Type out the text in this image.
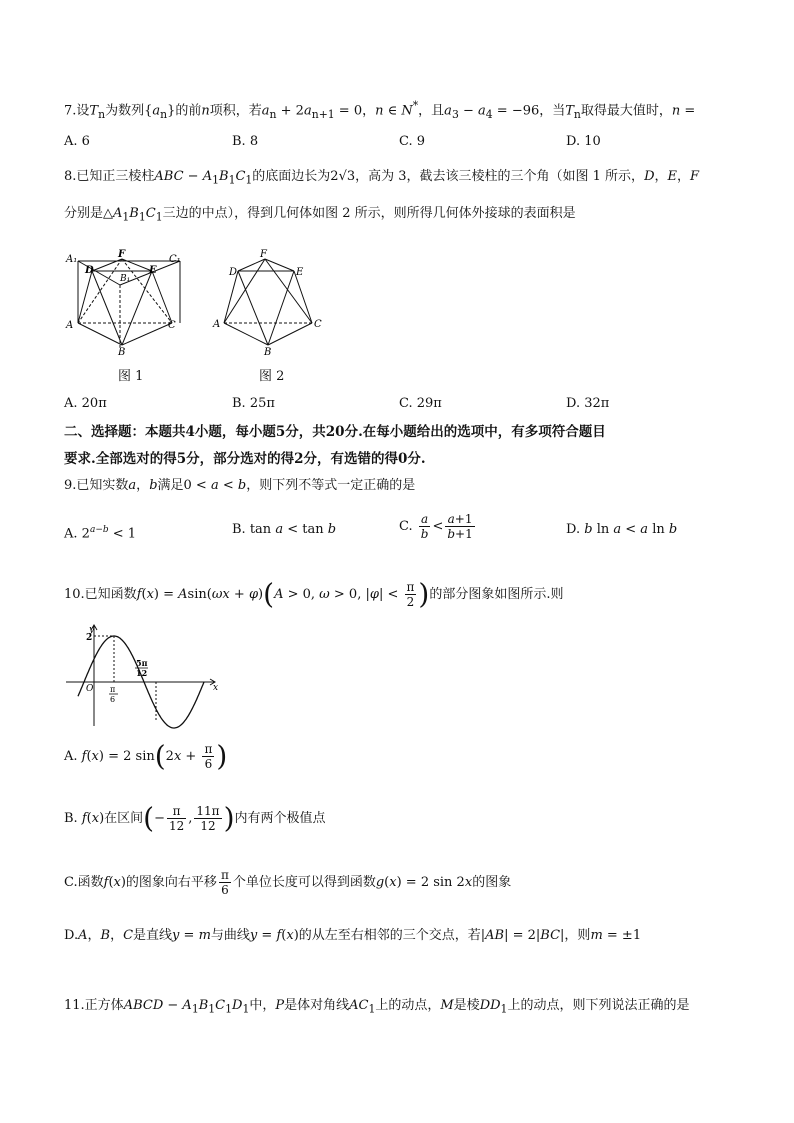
7.设$T_n$为数列$\{a_n\}$的前n项积，若$a_n + 2a_{n+1} = 0$，n ∈ N*，且$a_3 - a_4 = -96$，当$T_n$取得最大值时，n =
A. 6	B. 8	C. 9	D. 10
8.已知正三棱柱ABC − $A_1B_1C_1$的底面边长为2√3，高为 3，截去该三棱柱的三个角（如图 1 所示，D，E，F
分别是$\triangle A_1B_1C_1$三边的中点），得到几何体如图 2 所示，则所得几何体外接球的表面积是
A₁	C₁
B₁
F
D	E
A	C
B
F
D	E
A	C
B
图 1	图 2
A. 20π	B. 25π	C. 29π	D. 32π
二、选择题：本题共4小题，每小题5分，共20分.在每小题给出的选项中，有多项符合题目
要求.全部选对的得5分，部分选对的得2分，有选错的得0分.
9.已知实数a，b满足0 < a < b，则下列不等式一定正确的是
A. $2^{a-b} < 1$	B. tan a < tan b	C. $\frac{a}{b} < \frac{a+1}{b+1}$	D. b ln a < a ln b
10.已知函数f(x) = Asin(ωx + φ)(A > 0, ω > 0, $|\varphi| < \frac{\pi}{2}$ )的部分图象如图所示.则
y
x
2
O π
6
5π
12
A. f(x) = 2 $\sin(2x + \frac{\pi}{6}$ )
B. f(x)在区间(− $\frac{\pi}{12}$ , $\frac{11\pi}{12}$ )内有两个极值点
C.函数f(x)的图象向右平移 $\frac{\pi}{6}$ 个单位长度可以得到函数g(x) = 2 sin 2x的图象
D.A，B，C是直线y = m与曲线y = f(x)的从左至右相邻的三个交点，若|AB| = 2|BC|，则m = ±1
11.正方体ABCD − $A_1B_1C_1D_1$中，P是体对角线$AC_1$上的动点，M是棱$DD_1$上的动点，则下列说法正确的是
